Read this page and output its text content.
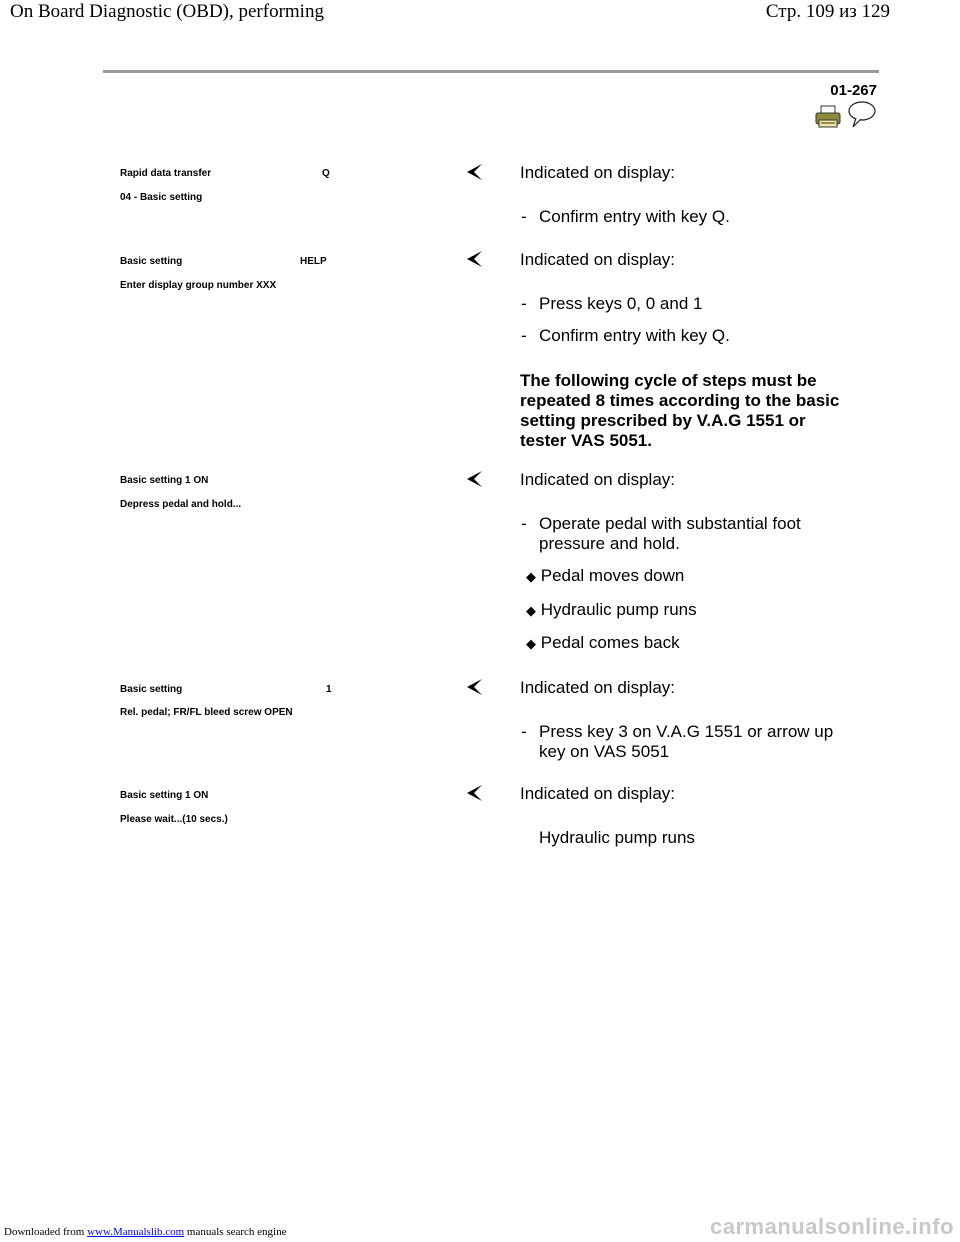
On Board Diagnostic (OBD), performing	Стр. 109 из 129
01-267
Rapid data transfer	Q
04 - Basic setting
Indicated on display:
- Confirm entry with key Q.
Basic setting	HELP
Enter display group number XXX
Indicated on display:
- Press keys 0, 0 and 1
- Confirm entry with key Q.
The following cycle of steps must be
repeated 8 times according to the basic
setting prescribed by V.A.G 1551 or
tester VAS 5051.
Basic setting 1 ON
Depress pedal and hold...
Indicated on display:
- Operate pedal with substantial foot
pressure and hold.
◆ Pedal moves down
◆ Hydraulic pump runs
◆ Pedal comes back
Basic setting	1
Rel. pedal; FR/FL bleed screw OPEN
Indicated on display:
- Press key 3 on V.A.G 1551 or arrow up
key on VAS 5051
Basic setting 1 ON
Please wait...(10 secs.)
Indicated on display:
Hydraulic pump runs
Downloaded from www.Manualslib.com manuals search engine	carmanualsonline.info
